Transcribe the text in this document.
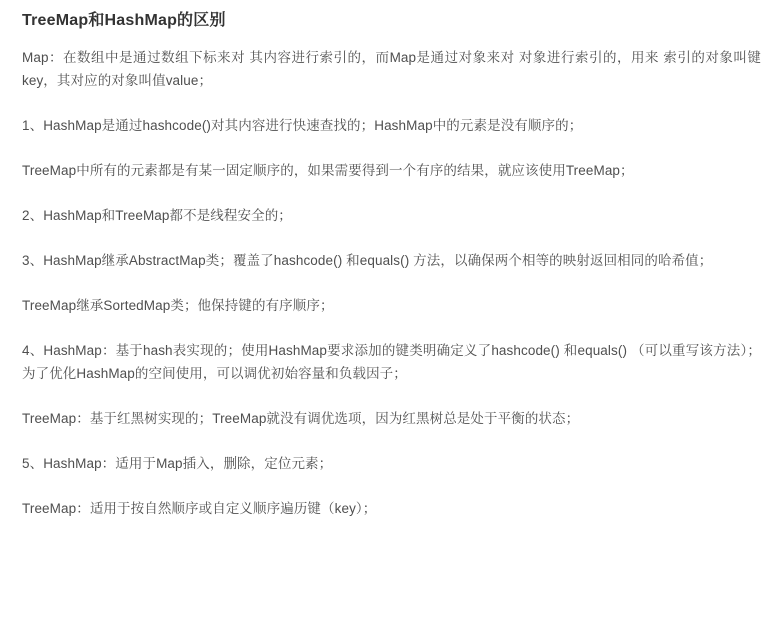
TreeMap和HashMap的区别

Map：在数组中是通过数组下标来对 其内容进行索引的，而Map是通过对象来对 对象进行索引的，用来 索引的对象叫键key，其对应的对象叫值value；

1、HashMap是通过hashcode()对其内容进行快速查找的；HashMap中的元素是没有顺序的；

TreeMap中所有的元素都是有某一固定顺序的，如果需要得到一个有序的结果，就应该使用TreeMap；

2、HashMap和TreeMap都不是线程安全的；

3、HashMap继承AbstractMap类；覆盖了hashcode() 和equals() 方法，以确保两个相等的映射返回相同的哈希值；

TreeMap继承SortedMap类；他保持键的有序顺序；

4、HashMap：基于hash表实现的；使用HashMap要求添加的键类明确定义了hashcode() 和equals() （可以重写该方法）；为了优化HashMap的空间使用，可以调优初始容量和负载因子；

TreeMap：基于红黑树实现的；TreeMap就没有调优选项，因为红黑树总是处于平衡的状态；

5、HashMap：适用于Map插入，删除，定位元素；

TreeMap：适用于按自然顺序或自定义顺序遍历键（key）；
